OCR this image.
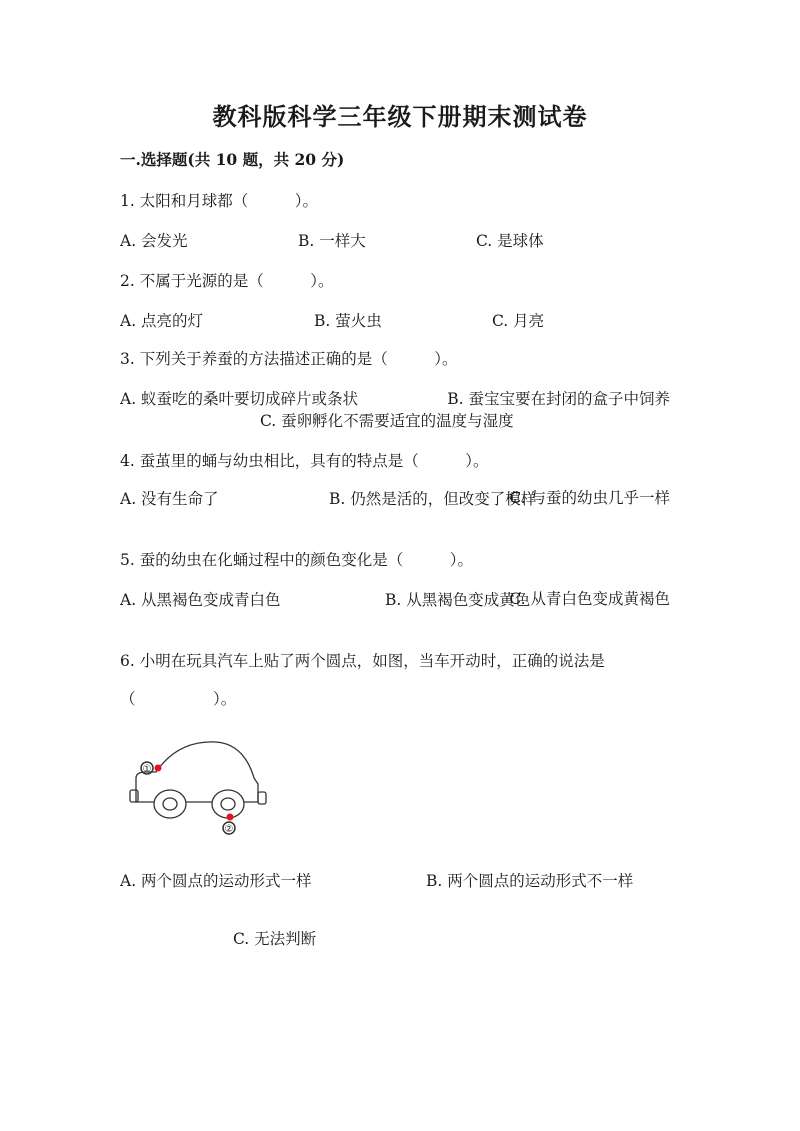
教科版科学三年级下册期末测试卷
一.选择题(共 10 题，共 20 分)
1. 太阳和月球都（　　　）。
A. 会发光	B. 一样大	C. 是球体
2. 不属于光源的是（　　　）。
A. 点亮的灯	B. 萤火虫	C. 月亮
3. 下列关于养蚕的方法描述正确的是（　　　）。
A. 蚁蚕吃的桑叶要切成碎片或条状	B. 蚕宝宝要在封闭的盒子中饲养
C. 蚕卵孵化不需要适宜的温度与湿度
4. 蚕茧里的蛹与幼虫相比，具有的特点是（　　　）。
A. 没有生命了	B. 仍然是活的，但改变了模样
C. 与蚕的幼虫几乎一样
5. 蚕的幼虫在化蛹过程中的颜色变化是（　　　）。
A. 从黑褐色变成青白色	B. 从黑褐色变成黄色
C. 从青白色变成黄褐色
6. 小明在玩具汽车上贴了两个圆点，如图，当车开动时，正确的说法是
（　　　　　）。
①
②
A. 两个圆点的运动形式一样	B. 两个圆点的运动形式不一样
C. 无法判断
